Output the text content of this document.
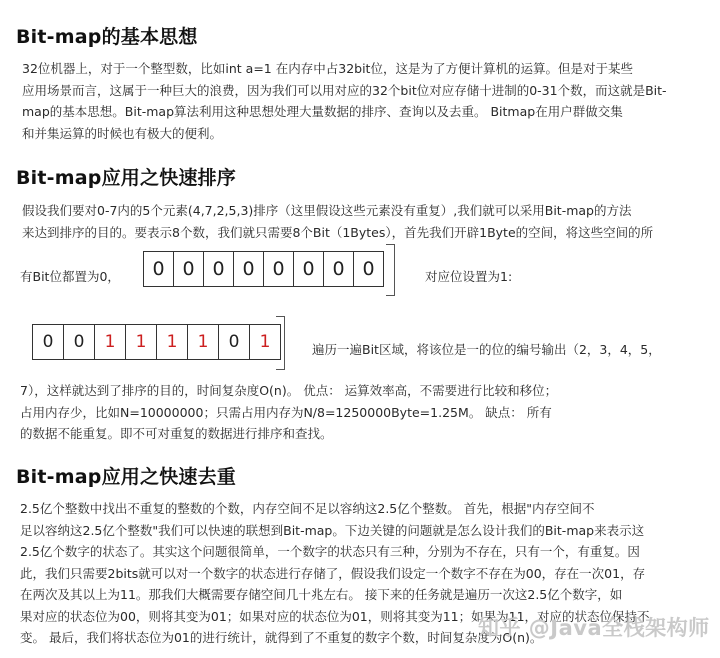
Bit-map的基本思想
32位机器上，对于一个整型数，比如int a=1 在内存中占32bit位，这是为了方便计算机的运算。但是对于某些
应用场景而言，这属于一种巨大的浪费，因为我们可以用对应的32个bit位对应存储十进制的0-31个数，而这就是Bit-
map的基本思想。Bit-map算法利用这种思想处理大量数据的排序、查询以及去重。 Bitmap在用户群做交集
和并集运算的时候也有极大的便利。
Bit-map应用之快速排序
假设我们要对0-7内的5个元素(4,7,2,5,3)排序（这里假设这些元素没有重复）,我们就可以采用Bit-map的方法
来达到排序的目的。要表示8个数，我们就只需要8个Bit（1Bytes），首先我们开辟1Byte的空间，将这些空间的所
有Bit位都置为0，	0 0 0 0 0 0 0 0	对应位设置为1:
0	0	1	1	1	1	0	1	遍历一遍Bit区域，将该位是一的位的编号输出（2，3，4，5，
7），这样就达到了排序的目的，时间复杂度O(n)。 优点： 运算效率高，不需要进行比较和移位；
占用内存少，比如N=10000000；只需占用内存为N/8=1250000Byte=1.25M。 缺点： 所有
的数据不能重复。即不可对重复的数据进行排序和查找。
Bit-map应用之快速去重
2.5亿个整数中找出不重复的整数的个数，内存空间不足以容纳这2.5亿个整数。 首先，根据"内存空间不
足以容纳这2.5亿个整数"我们可以快速的联想到Bit-map。下边关键的问题就是怎么设计我们的Bit-map来表示这
2.5亿个数字的状态了。其实这个问题很简单，一个数字的状态只有三种，分别为不存在，只有一个，有重复。因
此，我们只需要2bits就可以对一个数字的状态进行存储了，假设我们设定一个数字不存在为00，存在一次01，存
在两次及其以上为11。那我们大概需要存储空间几十兆左右。 接下来的任务就是遍历一次这2.5亿个数字，如
果对应的状态位为00，则将其变为01；如果对应的状态位为01，则将其变为11；如果为11，对应的状态位保持不
变。 最后，我们将状态位为01的进行统计，就得到了不重复的数字个数，时间复杂度为O(n)。
知乎 @Java全栈架构师
